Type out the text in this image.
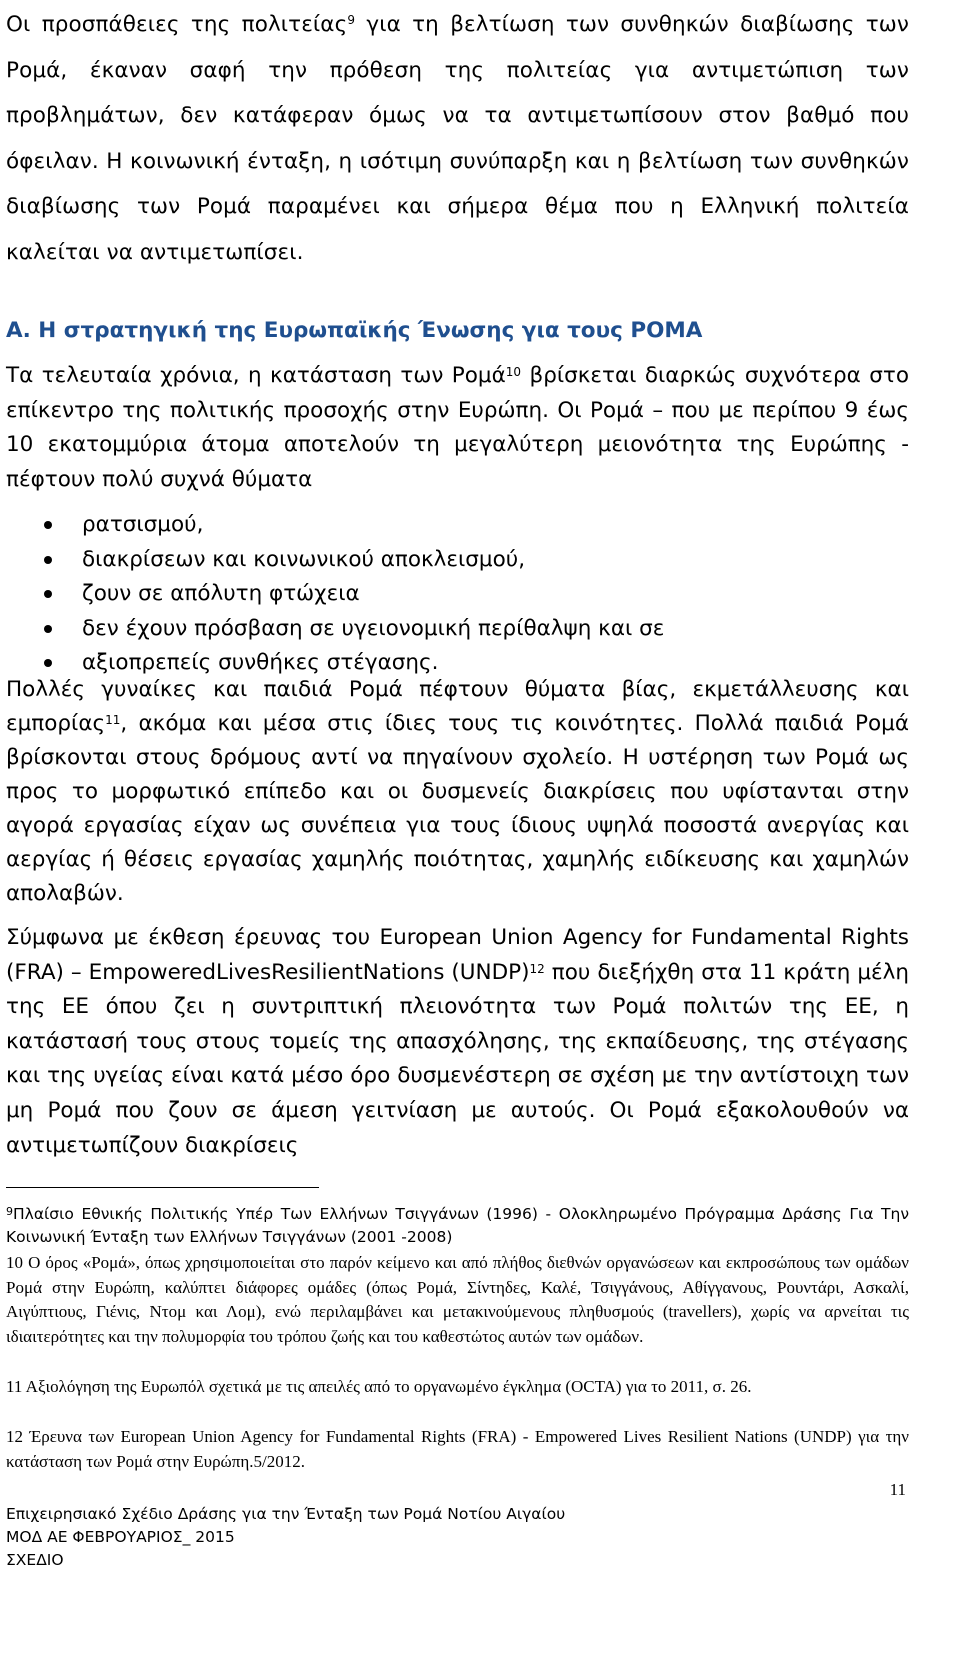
Οι προσπάθειες της πολιτείας$^9$ για τη βελτίωση των συνθηκών διαβίωσης των Ρομά, έκαναν σαφή την πρόθεση της πολιτείας για αντιμετώπιση των προβλημάτων, δεν κατάφεραν όμως να τα αντιμετωπίσουν στον βαθμό που όφειλαν. Η κοινωνική ένταξη, η ισότιμη συνύπαρξη και η βελτίωση των συνθηκών διαβίωσης των Ρομά παραμένει και σήμερα θέμα που η Ελληνική πολιτεία καλείται να αντιμετωπίσει.
Α. Η στρατηγική της Ευρωπαϊκής Ένωσης για τους ΡΟΜΑ
Τα τελευταία χρόνια, η κατάσταση των Ρομά$^{10}$ βρίσκεται διαρκώς συχνότερα στο επίκεντρο της πολιτικής προσοχής στην Ευρώπη. Οι Ρομά – που με περίπου 9 έως 10 εκατομμύρια άτομα αποτελούν τη μεγαλύτερη μειονότητα της Ευρώπης - πέφτουν πολύ συχνά θύματα
ρατσισμού,
διακρίσεων και κοινωνικού αποκλεισμού,
ζουν σε απόλυτη φτώχεια
δεν έχουν πρόσβαση σε υγειονομική περίθαλψη και σε
αξιοπρεπείς συνθήκες στέγασης.
Πολλές γυναίκες και παιδιά Ρομά πέφτουν θύματα βίας, εκμετάλλευσης και εμπορίας$^{11}$, ακόμα και μέσα στις ίδιες τους τις κοινότητες. Πολλά παιδιά Ρομά βρίσκονται στους δρόμους αντί να πηγαίνουν σχολείο. Η υστέρηση των Ρομά ως προς το μορφωτικό επίπεδο και οι δυσμενείς διακρίσεις που υφίστανται στην αγορά εργασίας είχαν ως συνέπεια για τους ίδιους υψηλά ποσοστά ανεργίας και αεργίας ή θέσεις εργασίας χαμηλής ποιότητας, χαμηλής ειδίκευσης και χαμηλών απολαβών.
Σύμφωνα με έκθεση έρευνας του European Union Agency for Fundamental Rights (FRA) – EmpoweredLivesResilientNations (UNDP)$^{12}$ που διεξήχθη στα 11 κράτη μέλη της ΕΕ όπου ζει η συντριπτική πλειονότητα των Ρομά πολιτών της ΕΕ, η κατάστασή τους στους τομείς της απασχόλησης, της εκπαίδευσης, της στέγασης και της υγείας είναι κατά μέσο όρο δυσμενέστερη σε σχέση με την αντίστοιχη των μη Ρομά που ζουν σε άμεση γειτνίαση με αυτούς. Οι Ρομά εξακολουθούν να αντιμετωπίζουν διακρίσεις
$^9$Πλαίσιο Εθνικής Πολιτικής Υπέρ Των Ελλήνων Τσιγγάνων (1996) - Ολοκληρωμένο Πρόγραμμα Δράσης Για Την Κοινωνική Ένταξη των Ελλήνων Τσιγγάνων (2001 -2008)
10 Ο όρος «Ρομά», όπως χρησιμοποιείται στο παρόν κείμενο και από πλήθος διεθνών οργανώσεων και εκπροσώπους των ομάδων Ρομά στην Ευρώπη, καλύπτει διάφορες ομάδες (όπως Ρομά, Σίντηδες, Καλέ, Τσιγγάνους, Αθίγγανους, Ρουντάρι, Ασκαλί, Αιγύπτιους, Γιένις, Ντομ και Λομ), ενώ περιλαμβάνει και μετακινούμενους πληθυσμούς (travellers), χωρίς να αρνείται τις ιδιαιτερότητες και την πολυμορφία του τρόπου ζωής και του καθεστώτος αυτών των ομάδων.
11 Αξιολόγηση της Ευρωπόλ σχετικά με τις απειλές από το οργανωμένο έγκλημα (OCTA) για το 2011, σ. 26.
12 Έρευνα των European Union Agency for Fundamental Rights (FRA) - Empowered Lives Resilient Nations (UNDP) για την κατάσταση των Ρομά στην Ευρώπη.5/2012.
11
Επιχειρησιακό Σχέδιο Δράσης για την Ένταξη των Ρομά Νοτίου Αιγαίου
ΜΟΔ ΑΕ ΦΕΒΡΟΥΑΡΙΟΣ_ 2015
ΣΧΕΔΙΟ
